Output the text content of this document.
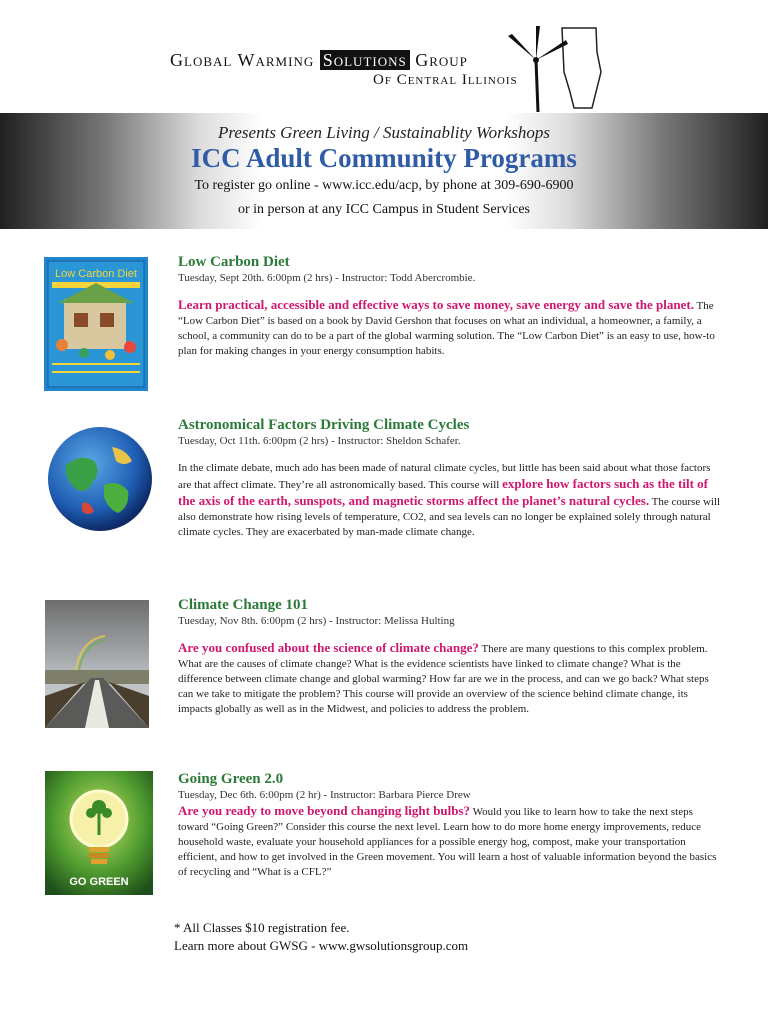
Global Warming Solutions Group
Of Central Illinois
Presents Green Living / Sustainablity Workshops
ICC Adult Community Programs
To register go online - www.icc.edu/acp, by phone at 309-690-6900
or in person at any ICC Campus in Student Services
Low Carbon Diet
Low Carbon Diet
Tuesday, Sept 20th. 6:00pm (2 hrs) - Instructor: Todd Abercrombie.
Learn practical, accessible and effective ways to save money, save energy and save the planet. The “Low Carbon Diet” is based on a book by David Gershon that focuses on what an individual, a homeowner, a family, a school, a community can do to be a part of the global warming solution. The “Low Carbon Diet” is an easy to use, how-to plan for making changes in your energy consumption habits.
Astronomical Factors Driving Climate Cycles
Tuesday, Oct 11th. 6:00pm (2 hrs) - Instructor: Sheldon Schafer.
In the climate debate, much ado has been made of natural climate cycles, but little has been said about what those factors are that affect climate. They’re all astronomically based. This course will explore how factors such as the tilt of the axis of the earth, sunspots, and magnetic storms affect the planet’s natural cycles. The course will also demonstrate how rising levels of temperature, CO2, and sea levels can no longer be explained solely through natural climate cycles. They are exacerbated by man-made climate change.
Climate Change 101
Tuesday, Nov 8th. 6:00pm (2 hrs) - Instructor: Melissa Hulting
Are you confused about the science of climate change? There are many questions to this complex problem. What are the causes of climate change? What is the evidence scientists have linked to climate change? What is the difference between climate change and global warming? How far are we in the process, and can we go back? What steps can we take to mitigate the problem? This course will provide an overview of the science behind climate change, its impacts globally as well as in the Midwest, and policies to address the problem.
GO GREEN
Going Green 2.0
Tuesday, Dec 6th. 6:00pm (2 hr) - Instructor: Barbara Pierce Drew
Are you ready to move beyond changing light bulbs? Would you like to learn how to take the next steps toward “Going Green?” Consider this course the next level. Learn how to do more home energy improvements, reduce household waste, evaluate your household appliances for a possible energy hog, compost, make your transportation efficient, and how to get involved in the Green movement. You will learn a host of valuable information beyond the basics of recycling and “What is a CFL?”
* All Classes $10 registration fee.
Learn more about GWSG - www.gwsolutionsgroup.com
